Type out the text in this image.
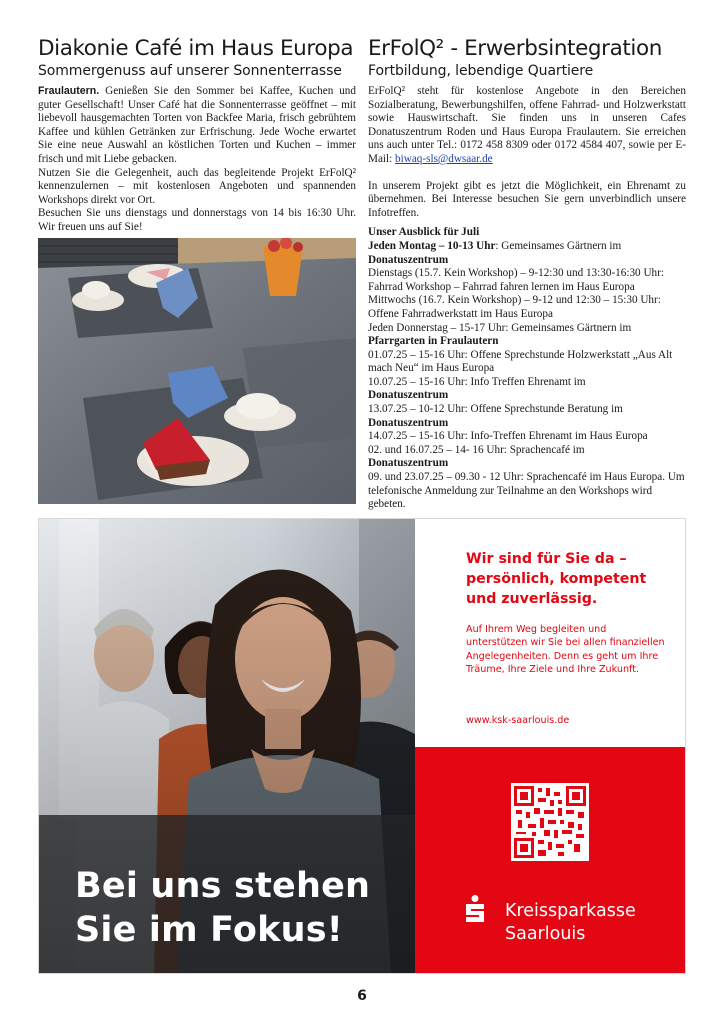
Diakonie Café im Haus Europa
Sommergenuss auf unserer Sonnenterrasse

Fraulautern. Genießen Sie den Sommer bei Kaffee, Kuchen und guter Gesellschaft! Unser Café hat die Sonnenterrasse geöffnet – mit liebevoll hausgemachten Torten von Backfee Maria, frisch gebrühtem Kaffee und kühlen Getränken zur Erfrischung. Jede Woche erwartet Sie eine neue Auswahl an köstlichen Torten und Kuchen – immer frisch und mit Liebe gebacken.

Nutzen Sie die Gelegenheit, auch das begleitende Projekt ErFolQ² kennenzulernen – mit kostenlosen Angeboten und spannenden Workshops direkt vor Ort.

Besuchen Sie uns dienstags und donnerstags von 14 bis 16:30 Uhr. Wir freuen uns auf Sie!

ErFolQ² - Erwerbsintegration
Fortbildung, lebendige Quartiere

ErFolQ² steht für kostenlose Angebote in den Bereichen Sozialberatung, Bewerbungshilfen, offene Fahrrad- und Holzwerkstatt sowie Hauswirtschaft. Sie finden uns in unseren Cafes Donatuszentrum Roden und Haus Europa Fraulautern. Sie erreichen uns auch unter Tel.: 0172 458 8309 oder 0172 4584 407, sowie per E-Mail: biwaq-sls@dwsaar.de

In unserem Projekt gibt es jetzt die Möglichkeit, ein Ehrenamt zu übernehmen. Bei Interesse besuchen Sie gern unverbindlich unsere Infotreffen.

Unser Ausblick für Juli

Jeden Montag – 10-13 Uhr: Gemeinsames Gärtnern im

Donatuszentrum

Dienstags (15.7. Kein Workshop) – 9-12:30 und 13:30-16:30 Uhr: Fahrrad Workshop – Fahrrad fahren lernen im Haus Europa

Mittwochs (16.7. Kein Workshop) – 9-12 und 12:30 – 15:30 Uhr: Offene Fahrradwerkstatt im Haus Europa

Jeden Donnerstag – 15-17 Uhr: Gemeinsames Gärtnern im

Pfarrgarten in Fraulautern

01.07.25 – 15-16 Uhr: Offene Sprechstunde Holzwerkstatt „Aus Alt mach Neu“ im Haus Europa

10.07.25 – 15-16 Uhr: Info Treffen Ehrenamt im

Donatuszentrum

13.07.25 – 10-12 Uhr: Offene Sprechstunde Beratung im

Donatuszentrum

14.07.25 – 15-16 Uhr: Info-Treffen Ehrenamt im Haus Europa

02. und 16.07.25 – 14- 16 Uhr: Sprachencafé im

Donatuszentrum

09. und 23.07.25 – 09.30 - 12 Uhr: Sprachencafé im Haus Europa. Um telefonische Anmeldung zur Teilnahme an den Workshops wird gebeten.

Bei uns stehen
Sie im Fokus!
Wir sind für Sie da – persönlich, kompetent und zuverlässig.
Auf Ihrem Weg begleiten und unterstützen wir Sie bei allen finanziellen Angelegenheiten. Denn es geht um Ihre Träume, Ihre Ziele und Ihre Zukunft.
www.ksk-saarlouis.de
Kreissparkasse
Saarlouis
6
